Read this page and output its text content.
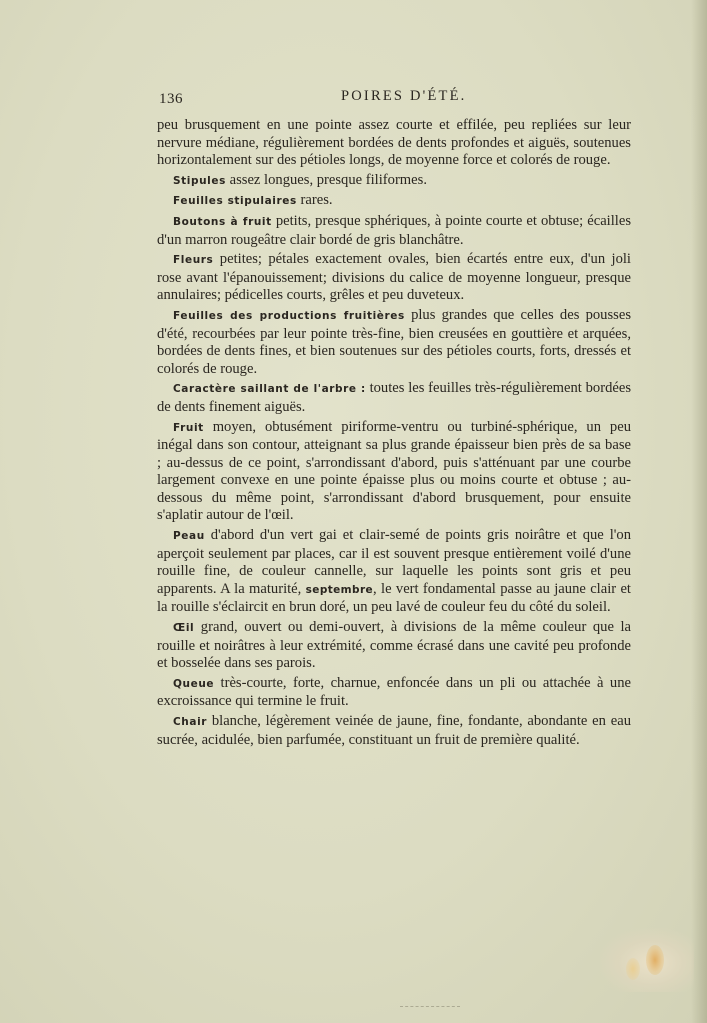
136	POIRES D'ÉTÉ.

peu brusquement en une pointe assez courte et effilée, peu repliées sur leur nervure médiane, régulièrement bordées de dents profondes et aiguës, soutenues horizontalement sur des pétioles longs, de moyenne force et colorés de rouge.

Stipules assez longues, presque filiformes.

Feuilles stipulaires rares.

Boutons à fruit petits, presque sphériques, à pointe courte et obtuse; écailles d'un marron rougeâtre clair bordé de gris blanchâtre.

Fleurs petites; pétales exactement ovales, bien écartés entre eux, d'un joli rose avant l'épanouissement; divisions du calice de moyenne longueur, presque annulaires; pédicelles courts, grêles et peu duveteux.

Feuilles des productions fruitières plus grandes que celles des pousses d'été, recourbées par leur pointe très-fine, bien creusées en gouttière et arquées, bordées de dents fines, et bien soutenues sur des pétioles courts, forts, dressés et colorés de rouge.

Caractère saillant de l'arbre : toutes les feuilles très-régulièrement bordées de dents finement aiguës.

Fruit moyen, obtusément piriforme-ventru ou turbiné-sphérique, un peu inégal dans son contour, atteignant sa plus grande épaisseur bien près de sa base ; au-dessus de ce point, s'arrondissant d'abord, puis s'atténuant par une courbe largement convexe en une pointe épaisse plus ou moins courte et obtuse ; au-dessous du même point, s'arrondissant d'abord brusquement, pour ensuite s'aplatir autour de l'œil.

Peau d'abord d'un vert gai et clair-semé de points gris noirâtre et que l'on aperçoit seulement par places, car il est souvent presque entièrement voilé d'une rouille fine, de couleur cannelle, sur laquelle les points sont gris et peu apparents. A la maturité, septembre, le vert fondamental passe au jaune clair et la rouille s'éclaircit en brun doré, un peu lavé de couleur feu du côté du soleil.

Œil grand, ouvert ou demi-ouvert, à divisions de la même couleur que la rouille et noirâtres à leur extrémité, comme écrasé dans une cavité peu profonde et bosselée dans ses parois.

Queue très-courte, forte, charnue, enfoncée dans un pli ou attachée à une excroissance qui termine le fruit.

Chair blanche, légèrement veinée de jaune, fine, fondante, abondante en eau sucrée, acidulée, bien parfumée, constituant un fruit de première qualité.
